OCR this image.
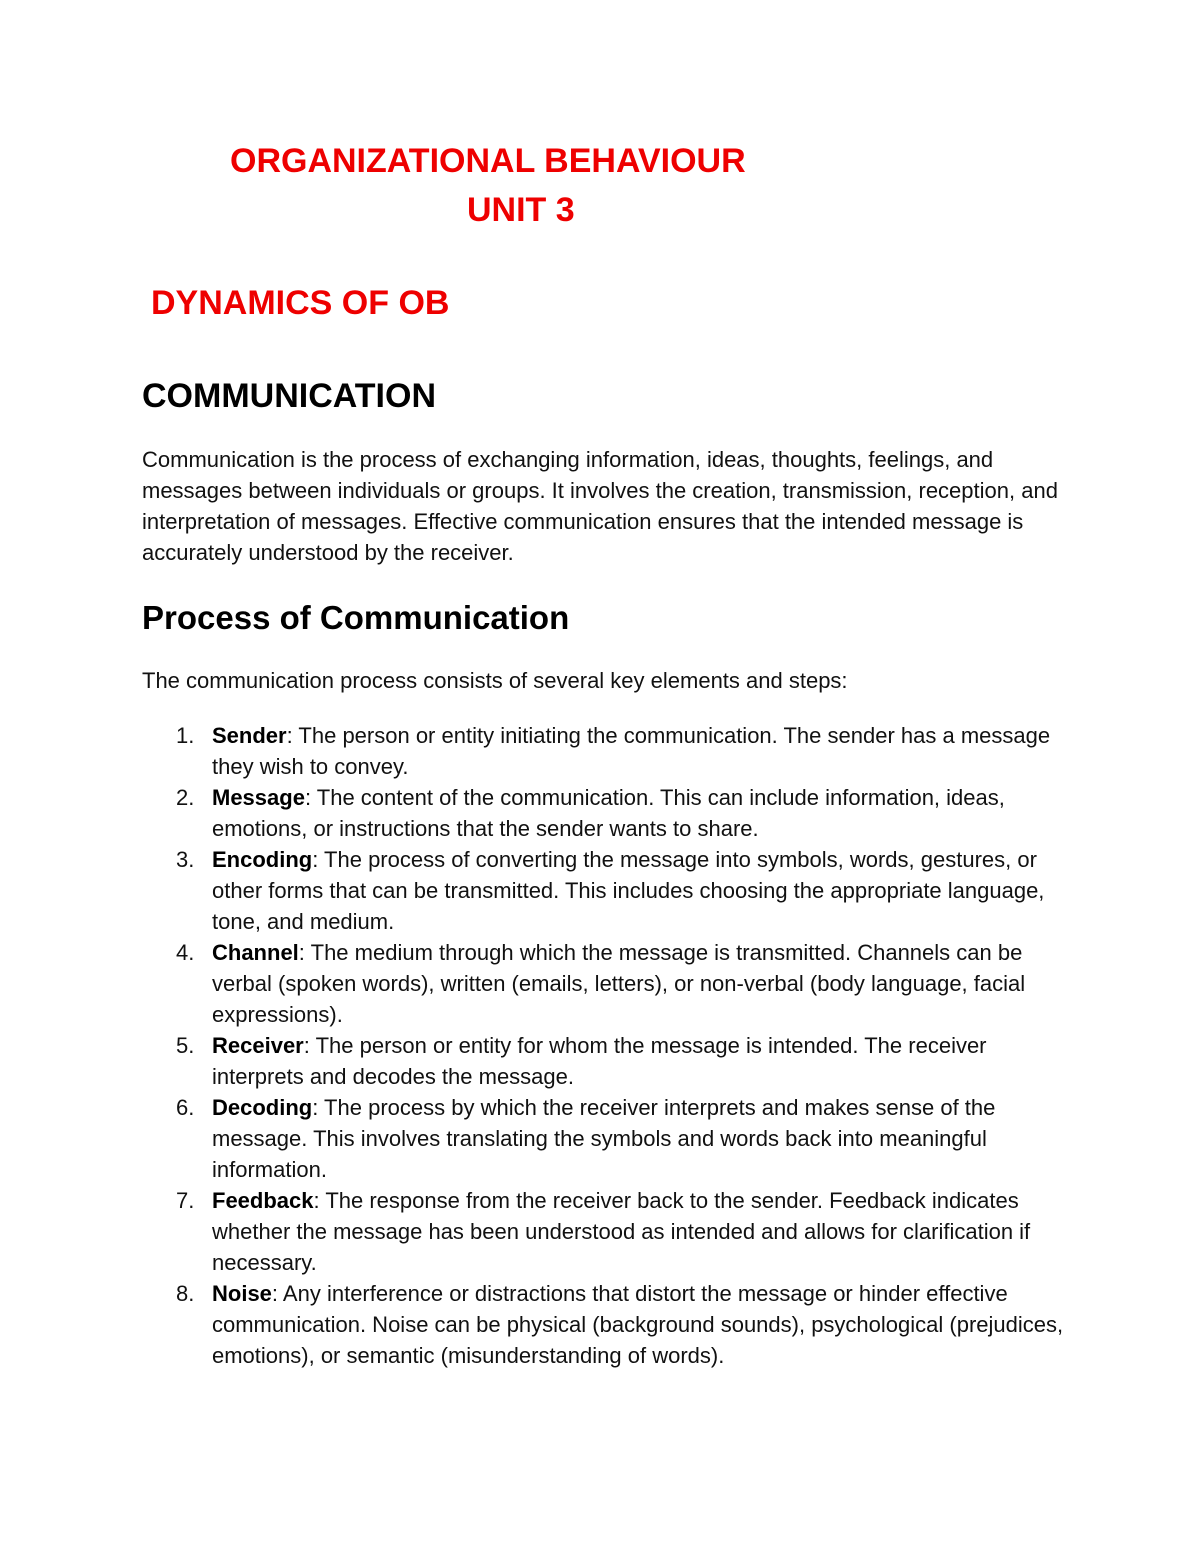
ORGANIZATIONAL BEHAVIOUR
UNIT 3
DYNAMICS OF OB
COMMUNICATION

Communication is the process of exchanging information, ideas, thoughts, feelings, and messages between individuals or groups. It involves the creation, transmission, reception, and interpretation of messages. Effective communication ensures that the intended message is accurately understood by the receiver.

Process of Communication

The communication process consists of several key elements and steps:

1. Sender: The person or entity initiating the communication. The sender has a message they wish to convey.
2. Message: The content of the communication. This can include information, ideas, emotions, or instructions that the sender wants to share.
3. Encoding: The process of converting the message into symbols, words, gestures, or other forms that can be transmitted. This includes choosing the appropriate language, tone, and medium.
4. Channel: The medium through which the message is transmitted. Channels can be verbal (spoken words), written (emails, letters), or non-verbal (body language, facial expressions).
5. Receiver: The person or entity for whom the message is intended. The receiver interprets and decodes the message.
6. Decoding: The process by which the receiver interprets and makes sense of the message. This involves translating the symbols and words back into meaningful information.
7. Feedback: The response from the receiver back to the sender. Feedback indicates whether the message has been understood as intended and allows for clarification if necessary.
8. Noise: Any interference or distractions that distort the message or hinder effective communication. Noise can be physical (background sounds), psychological (prejudices, emotions), or semantic (misunderstanding of words).
